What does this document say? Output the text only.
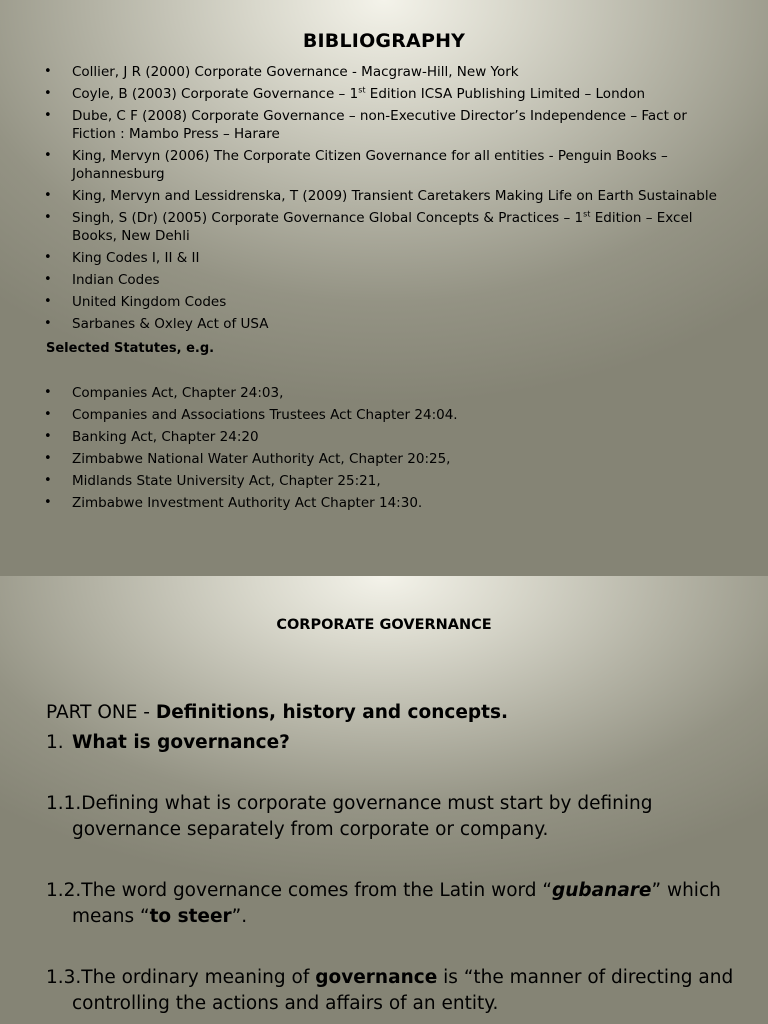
BIBLIOGRAPHY
• Collier, J R (2000) Corporate Governance - Macgraw-Hill, New York
• Coyle, B (2003) Corporate Governance – 1st Edition ICSA Publishing Limited – London
• Dube, C F (2008) Corporate Governance – non-Executive Director’s Independence – Fact or Fiction : Mambo Press – Harare
• King, Mervyn (2006) The Corporate Citizen Governance for all entities - Penguin Books – Johannesburg
• King, Mervyn and Lessidrenska, T (2009) Transient Caretakers Making Life on Earth Sustainable
• Singh, S (Dr) (2005) Corporate Governance Global Concepts & Practices – 1st Edition – Excel Books, New Dehli
• King Codes I, II & II
• Indian Codes
• United Kingdom Codes
• Sarbanes & Oxley Act of USA
Selected Statutes, e.g.
• Companies Act, Chapter 24:03,
• Companies and Associations Trustees Act Chapter 24:04.
• Banking Act, Chapter 24:20
• Zimbabwe National Water Authority Act, Chapter 20:25,
• Midlands State University Act, Chapter 25:21,
• Zimbabwe Investment Authority Act Chapter 14:30.
CORPORATE GOVERNANCE
PART ONE - Definitions, history and concepts.
1. What is governance?
1.1.Defining what is corporate governance must start by defining governance separately from corporate or company.
1.2.The word governance comes from the Latin word “gubanare” which means “to steer”.
1.3.The ordinary meaning of governance is “the manner of directing and controlling the actions and affairs of an entity.
